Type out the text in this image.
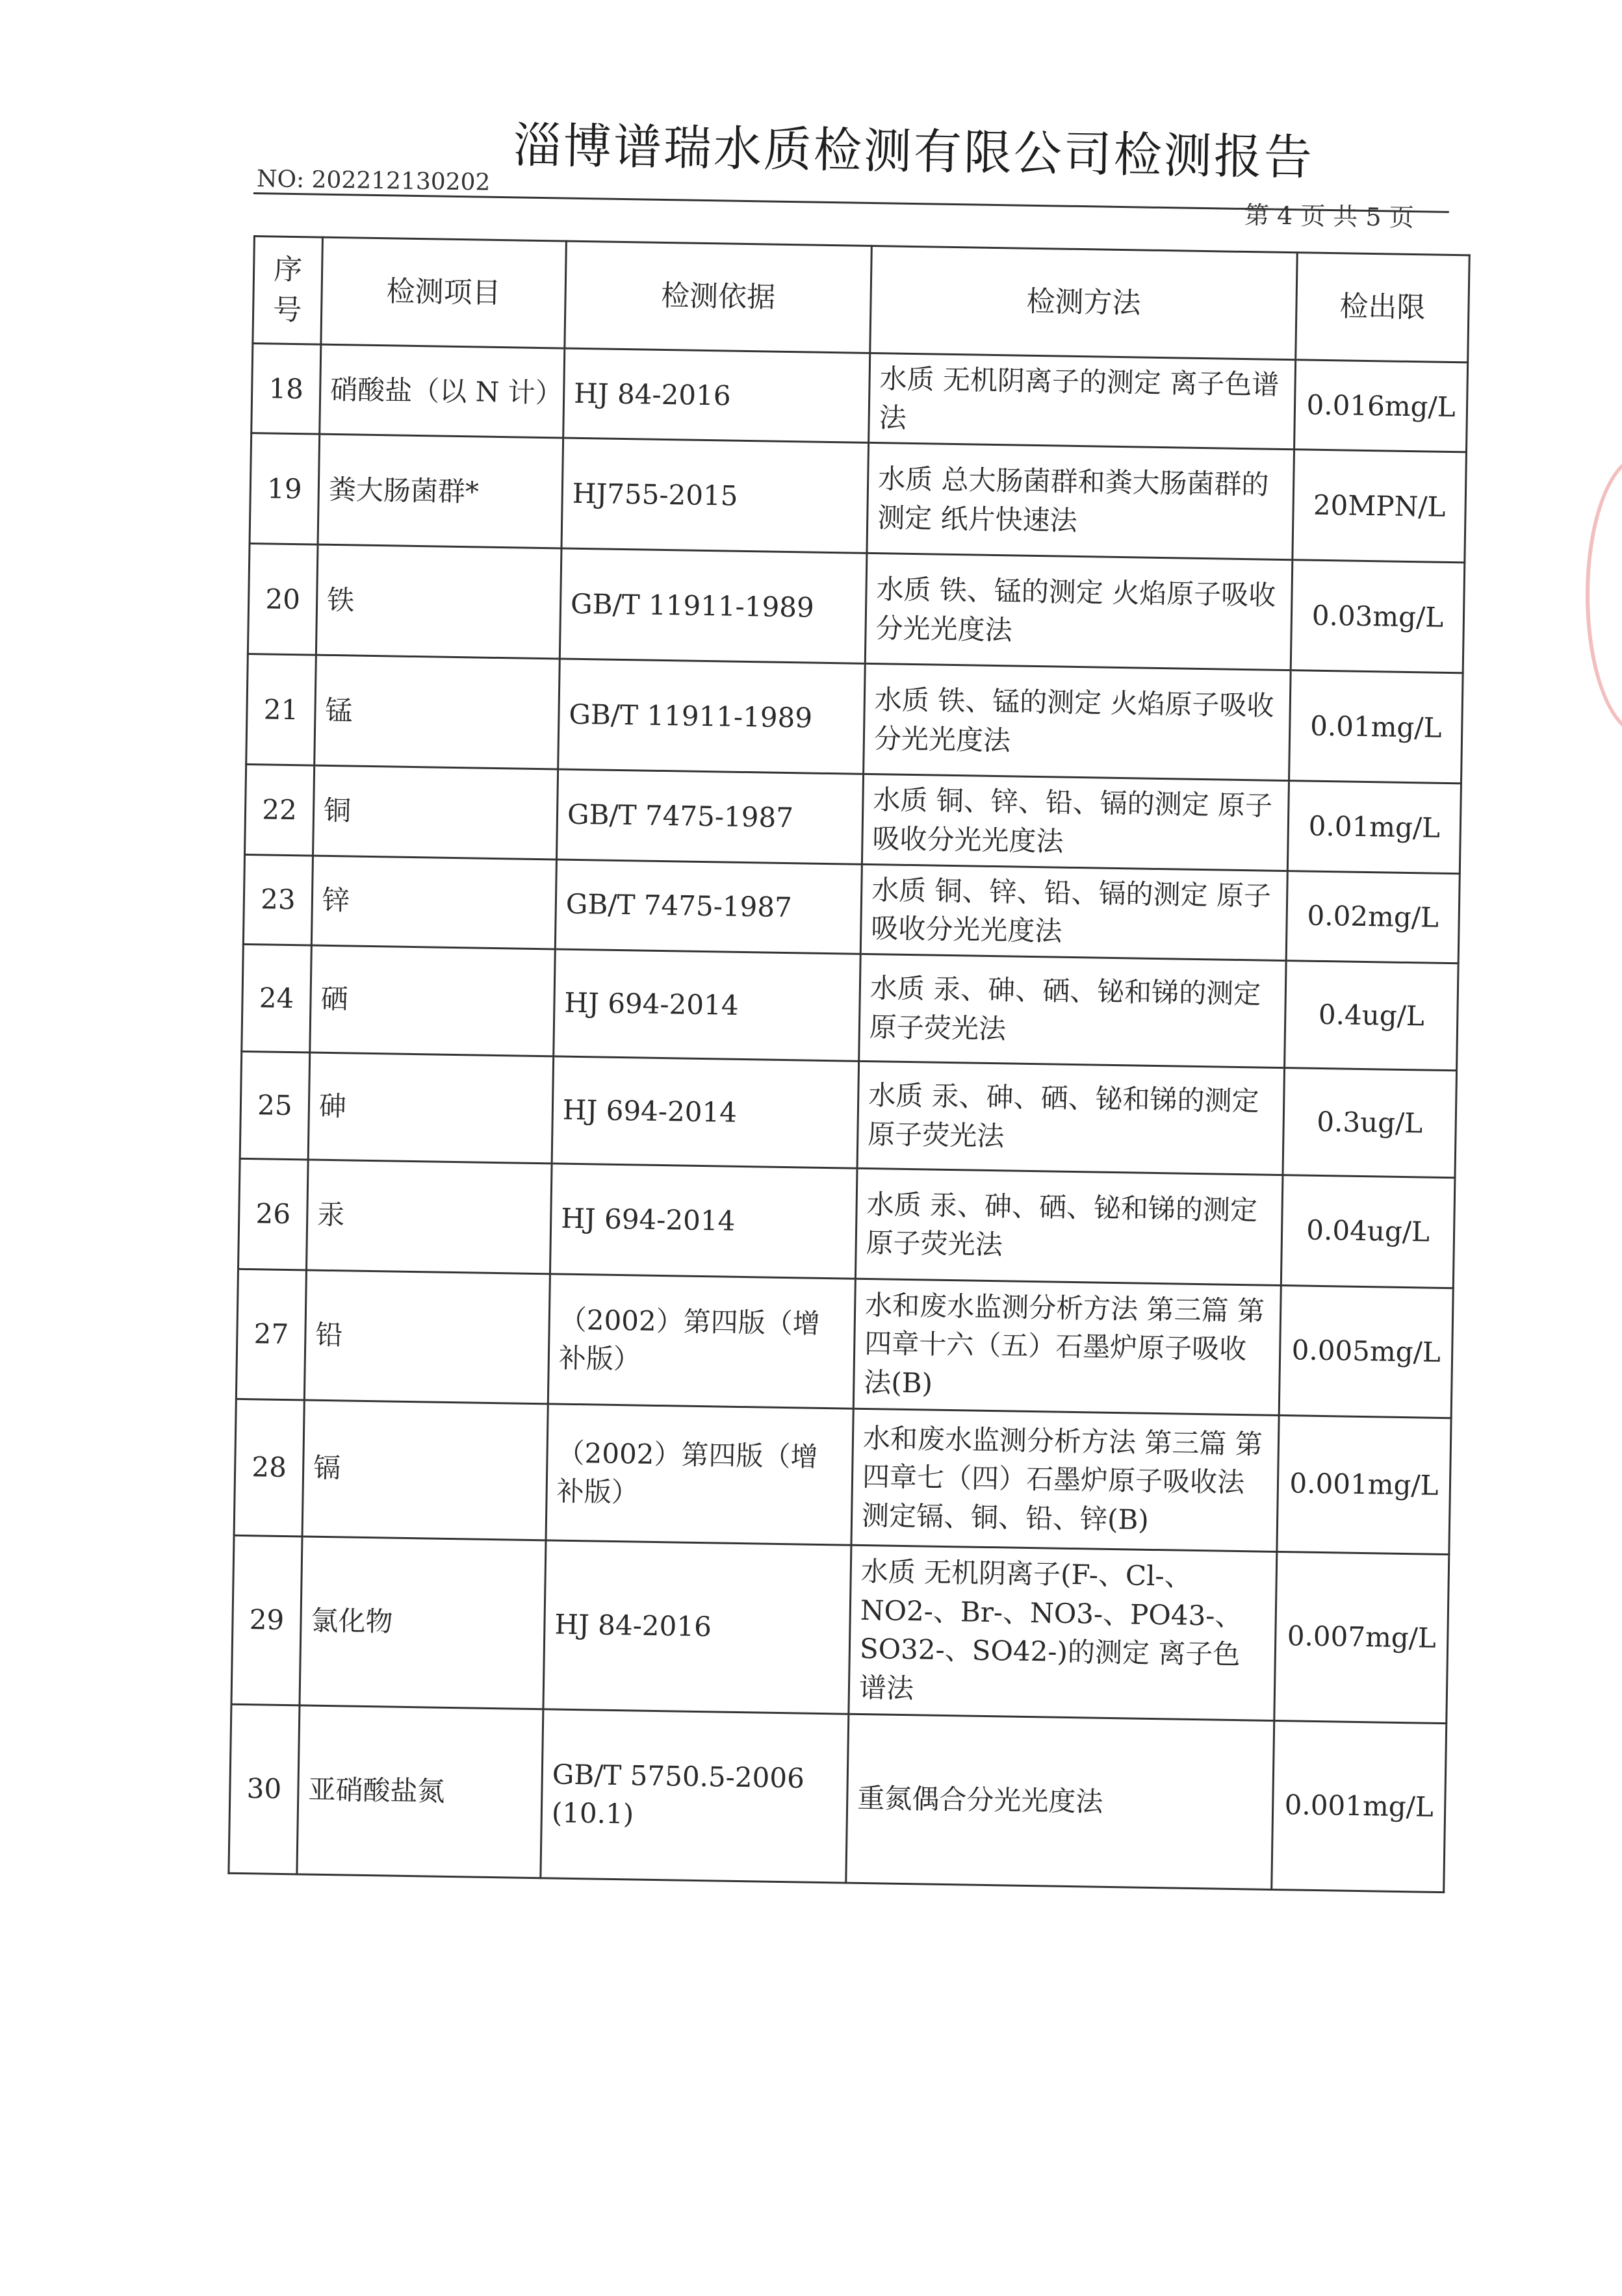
淄博谱瑞水质检测有限公司检测报告
NO: 202212130202
第 4 页 共 5 页
序号	检测项目	检测依据	检测方法	检出限
18	硝酸盐（以 N 计）	HJ 84-2016	水质 无机阴离子的测定 离子色谱法	0.016mg/L
19	粪大肠菌群*	HJ755-2015	水质 总大肠菌群和粪大肠菌群的测定 纸片快速法	20MPN/L
20	铁	GB/T 11911-1989	水质 铁、锰的测定 火焰原子吸收分光光度法	0.03mg/L
21	锰	GB/T 11911-1989	水质 铁、锰的测定 火焰原子吸收分光光度法	0.01mg/L
22	铜	GB/T 7475-1987	水质 铜、锌、铅、镉的测定 原子吸收分光光度法	0.01mg/L
23	锌	GB/T 7475-1987	水质 铜、锌、铅、镉的测定 原子吸收分光光度法	0.02mg/L
24	硒	HJ 694-2014	水质 汞、砷、硒、铋和锑的测定 原子荧光法	0.4ug/L
25	砷	HJ 694-2014	水质 汞、砷、硒、铋和锑的测定 原子荧光法	0.3ug/L
26	汞	HJ 694-2014	水质 汞、砷、硒、铋和锑的测定 原子荧光法	0.04ug/L
27	铅	（2002）第四版（增补版）	水和废水监测分析方法 第三篇 第四章十六（五）石墨炉原子吸收法(B)	0.005mg/L
28	镉	（2002）第四版（增补版）	水和废水监测分析方法 第三篇 第四章七（四）石墨炉原子吸收法测定镉、铜、铅、锌(B)	0.001mg/L
29	氯化物	HJ 84-2016	水质 无机阴离子(F-、Cl-、NO2-、Br-、NO3-、PO43-、SO32-、SO42-)的测定 离子色谱法	0.007mg/L
30	亚硝酸盐氮	GB/T 5750.5-2006 (10.1)	重氮偶合分光光度法	0.001mg/L
